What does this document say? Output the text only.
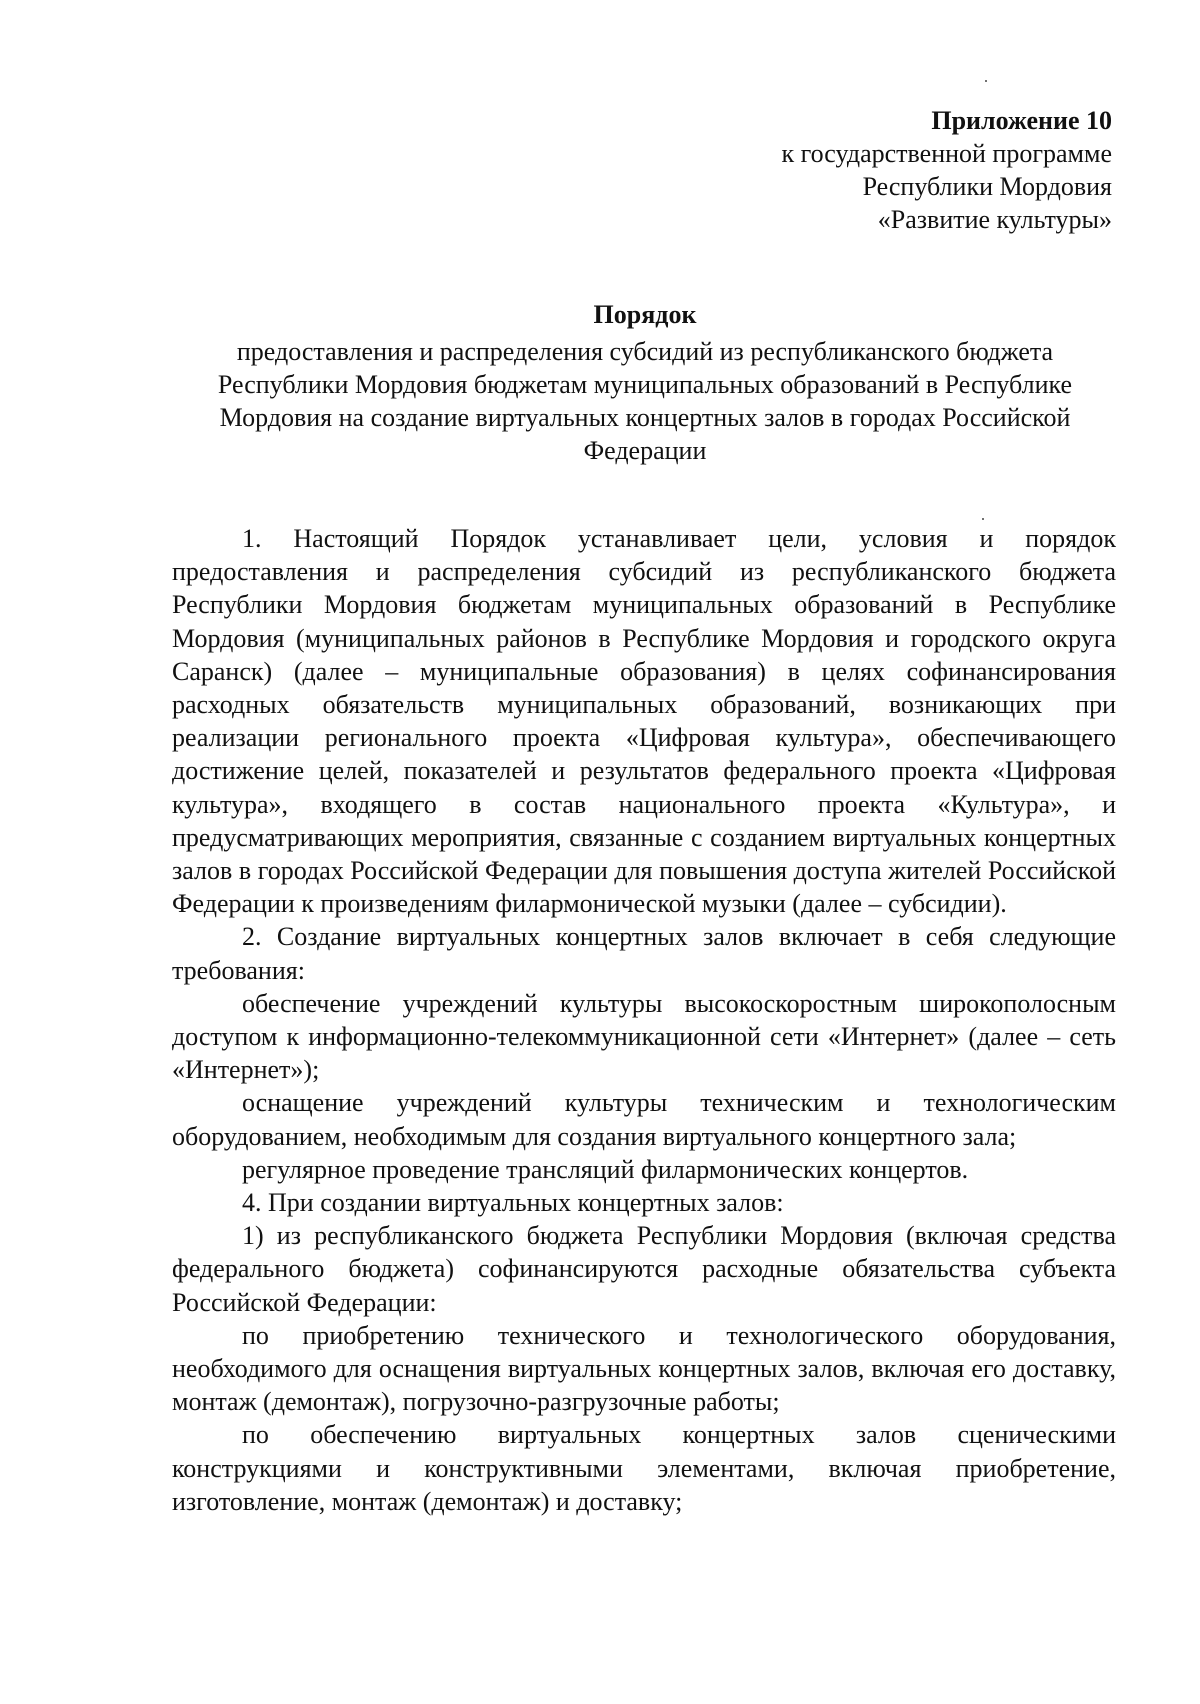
Приложение 10
к государственной программе
Республики Мордовия
«Развитие культуры»
Порядок
предоставления и распределения субсидий из республиканского бюджета Республики Мордовия бюджетам муниципальных образований в Республике Мордовия на создание виртуальных концертных залов в городах Российской Федерации

1. Настоящий Порядок устанавливает цели, условия и порядок предоставления и распределения субсидий из республиканского бюджета Республики Мордовия бюджетам муниципальных образований в Республике Мордовия (муниципальных районов в Республике Мордовия и городского округа Саранск) (далее – муниципальные образования) в целях софинансирования расходных обязательств муниципальных образований, возникающих при реализации регионального проекта «Цифровая культура», обеспечивающего достижение целей, показателей и результатов федерального проекта «Цифровая культура», входящего в состав национального проекта «Культура», и предусматривающих мероприятия, связанные с созданием виртуальных концертных залов в городах Российской Федерации для повышения доступа жителей Российской Федерации к произведениям филармонической музыки (далее – субсидии).

2. Создание виртуальных концертных залов включает в себя следующие требования:

обеспечение учреждений культуры высокоскоростным широкополосным доступом к информационно-телекоммуникационной сети «Интернет» (далее – сеть «Интернет»);

оснащение учреждений культуры техническим и технологическим оборудованием, необходимым для создания виртуального концертного зала;

регулярное проведение трансляций филармонических концертов.

4. При создании виртуальных концертных залов:

1) из республиканского бюджета Республики Мордовия (включая средства федерального бюджета) софинансируются расходные обязательства субъекта Российской Федерации:

по приобретению технического и технологического оборудования, необходимого для оснащения виртуальных концертных залов, включая его доставку, монтаж (демонтаж), погрузочно-разгрузочные работы;

по обеспечению виртуальных концертных залов сценическими конструкциями и конструктивными элементами, включая приобретение, изготовление, монтаж (демонтаж) и доставку;
